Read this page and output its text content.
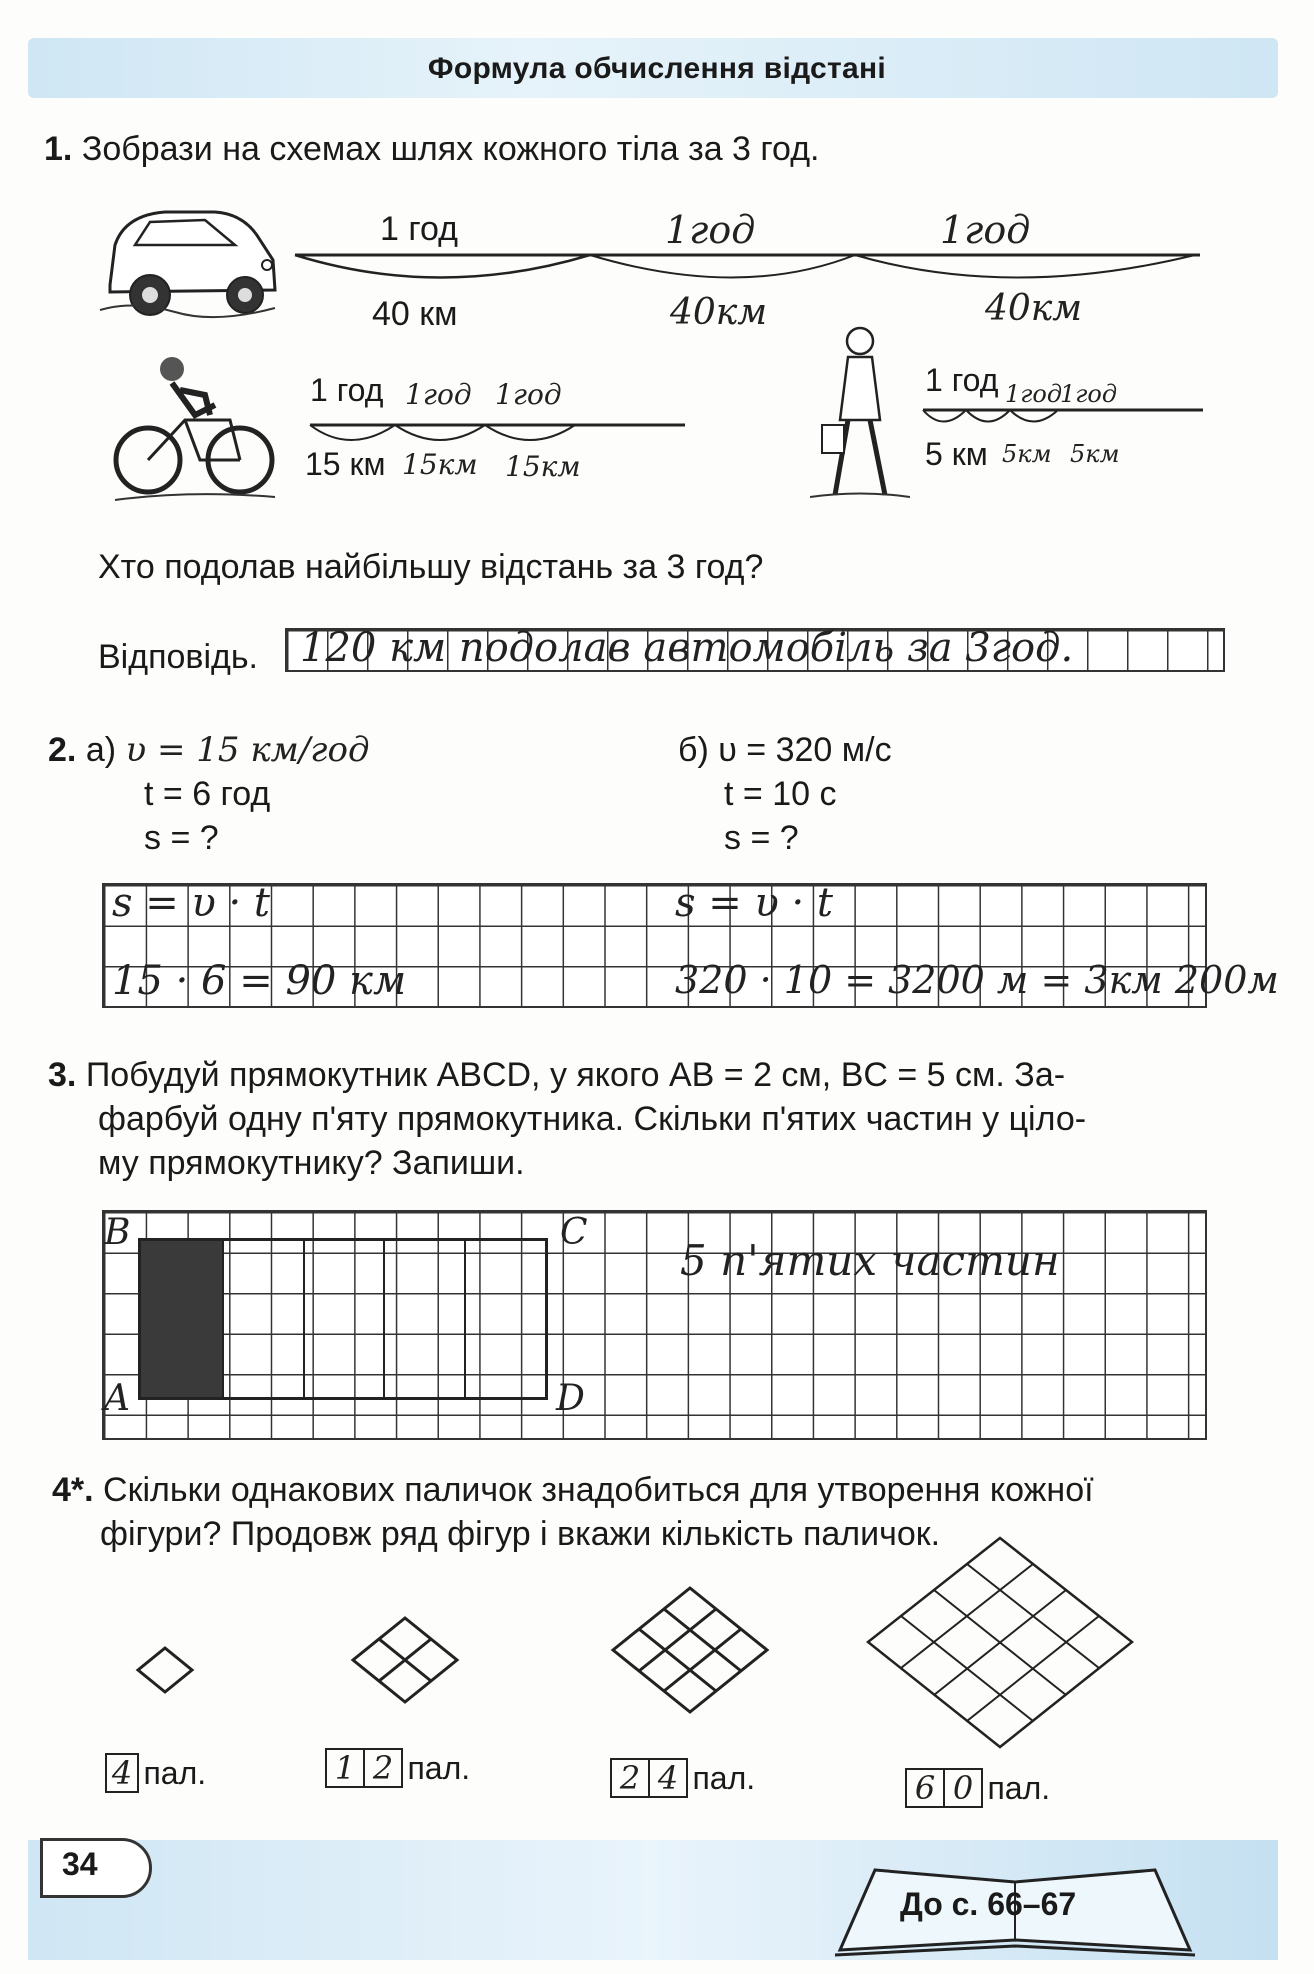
Формула обчислення відстані
1. Зобрази на схемах шлях кожного тіла за 3 год.
1 год
40 км
1год	1год
40км	40км
1 год
15 км
1год 1год
15км 15км
1 год
5 км
1год
1год
5км 5км
Хто подолав найбільшу відстань за 3 год?
Відповідь. 120 км подолав автомобіль за 3год.
2. а) υ = 15 км/год
t = 6 год
s = ?
б) υ = 320 м/с
t = 10 с
s = ?
s = υ · t
15 · 6 = 90 км
s = υ · t
320 · 10 = 3200 м = 3км 200м
3. Побудуй прямокутник ABCD, у якого AB = 2 см, BC = 5 см. За-
фарбуй одну п'яту прямокутника. Скільки п'ятих частин у ціло-
му прямокутнику? Запиши.
B	C
A	D
5 п'ятих частин
4*. Скільки однакових паличок знадобиться для утворення кожної
фігури? Продовж ряд фігур і вкажи кількість паличок.
4 пал.	1 2 пал.	2 4 пал.	6 0 пал.
34
До с. 66–67
